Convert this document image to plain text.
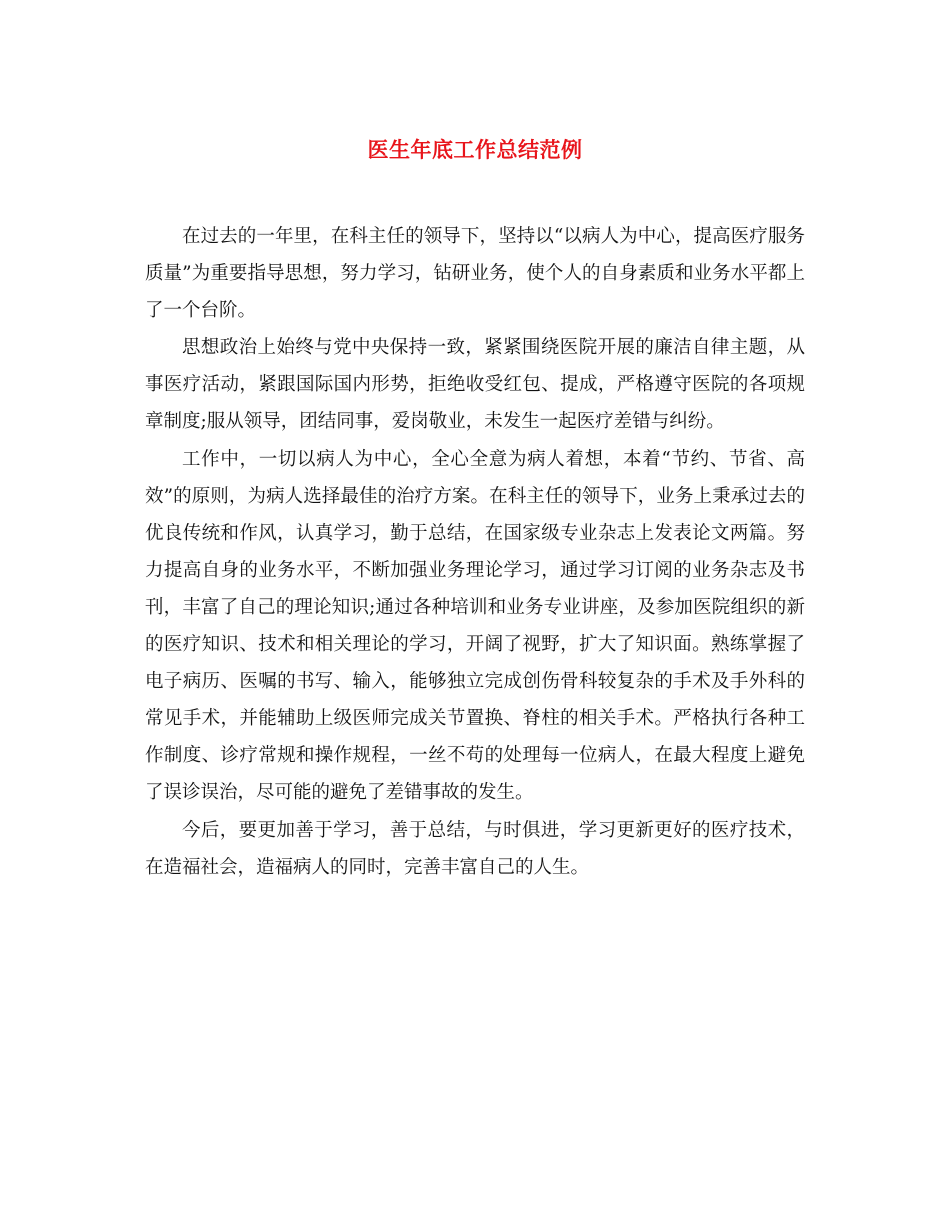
医生年底工作总结范例

在过去的一年里，在科主任的领导下，坚持以“以病人为中心，提高医疗服务质量”为重要指导思想，努力学习，钻研业务，使个人的自身素质和业务水平都上了一个台阶。

思想政治上始终与党中央保持一致，紧紧围绕医院开展的廉洁自律主题，从事医疗活动，紧跟国际国内形势，拒绝收受红包、提成，严格遵守医院的各项规章制度;服从领导，团结同事，爱岗敬业，未发生一起医疗差错与纠纷。

工作中，一切以病人为中心，全心全意为病人着想，本着“节约、节省、高效”的原则，为病人选择最佳的治疗方案。在科主任的领导下，业务上秉承过去的优良传统和作风，认真学习，勤于总结，在国家级专业杂志上发表论文两篇。努力提高自身的业务水平，不断加强业务理论学习，通过学习订阅的业务杂志及书刊，丰富了自己的理论知识;通过各种培训和业务专业讲座，及参加医院组织的新的医疗知识、技术和相关理论的学习，开阔了视野，扩大了知识面。熟练掌握了电子病历、医嘱的书写、输入，能够独立完成创伤骨科较复杂的手术及手外科的常见手术，并能辅助上级医师完成关节置换、脊柱的相关手术。严格执行各种工作制度、诊疗常规和操作规程，一丝不苟的处理每一位病人，在最大程度上避免了误诊误治，尽可能的避免了差错事故的发生。

今后，要更加善于学习，善于总结，与时俱进，学习更新更好的医疗技术，在造福社会，造福病人的同时，完善丰富自己的人生。
